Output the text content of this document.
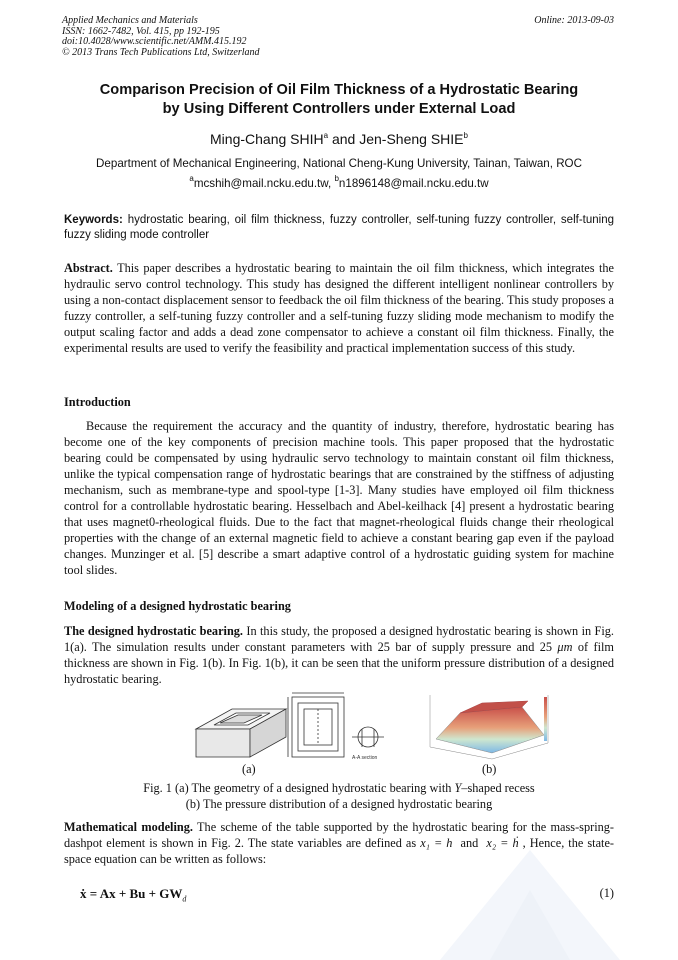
Applied Mechanics and Materials
ISSN: 1662-7482, Vol. 415, pp 192-195
doi:10.4028/www.scientific.net/AMM.415.192
© 2013 Trans Tech Publications Ltd, Switzerland
Online: 2013-09-03
Comparison Precision of Oil Film Thickness of a Hydrostatic Bearing
by Using Different Controllers under External Load
Ming-Chang SHIH$^a$ and Jen-Sheng SHIE$^b$
Department of Mechanical Engineering, National Cheng-Kung University, Tainan, Taiwan, ROC
$^a$mcshih@mail.ncku.edu.tw, $^b$n1896148@mail.ncku.edu.tw
Keywords: hydrostatic bearing, oil film thickness, fuzzy controller, self-tuning fuzzy controller, self-tuning fuzzy sliding mode controller
Abstract. This paper describes a hydrostatic bearing to maintain the oil film thickness, which integrates the hydraulic servo control technology. This study has designed the different intelligent nonlinear controllers by using a non-contact displacement sensor to feedback the oil film thickness of the bearing. This study proposes a fuzzy controller, a self-tuning fuzzy controller and a self-tuning fuzzy sliding mode mechanism to modify the output scaling factor and adds a dead zone compensator to achieve a constant oil film thickness. Finally, the experimental results are used to verify the feasibility and practical implementation success of this study.
Introduction
Because the requirement the accuracy and the quantity of industry, therefore, hydrostatic bearing has become one of the key components of precision machine tools. This paper proposed that the hydrostatic bearing could be compensated by using hydraulic servo technology to maintain constant oil film thickness, unlike the typical compensation range of hydrostatic bearings that are constrained by the stiffness of adjusting mechanism, such as membrane-type and spool-type [1-3]. Many studies have employed oil film thickness control for a controllable hydrostatic bearing. Hesselbach and Abel-keilhack [4] present a hydrostatic bearing that uses magnet0-rheological fluids. Due to the fact that magnet-rheological fluids change their rheological properties with the change of an external magnetic field to achieve a constant bearing gap even if the payload changes. Munzinger et al. [5] describe a smart adaptive control of a hydrostatic guiding system for machine tool slides.
Modeling of a designed hydrostatic bearing
The designed hydrostatic bearing. In this study, the proposed a designed hydrostatic bearing is shown in Fig. 1(a). The simulation results under constant parameters with 25 bar of supply pressure and 25 μm of film thickness are shown in Fig. 1(b). In Fig. 1(b), it can be seen that the uniform pressure distribution of a designed hydrostatic bearing.
A-A section
(a)	(b)
Fig. 1 (a) The geometry of a designed hydrostatic bearing with Y–shaped recess
(b) The pressure distribution of a designed hydrostatic bearing
Mathematical modeling. The scheme of the table supported by the hydrostatic bearing for the mass-spring-dashpot element is shown in Fig. 2. The state variables are defined as x₁ = h  and  x₂ = ḣ , Hence, the state-space equation can be written as follows:
ẋ = $Ax + Bu + GW_d$	(1)
